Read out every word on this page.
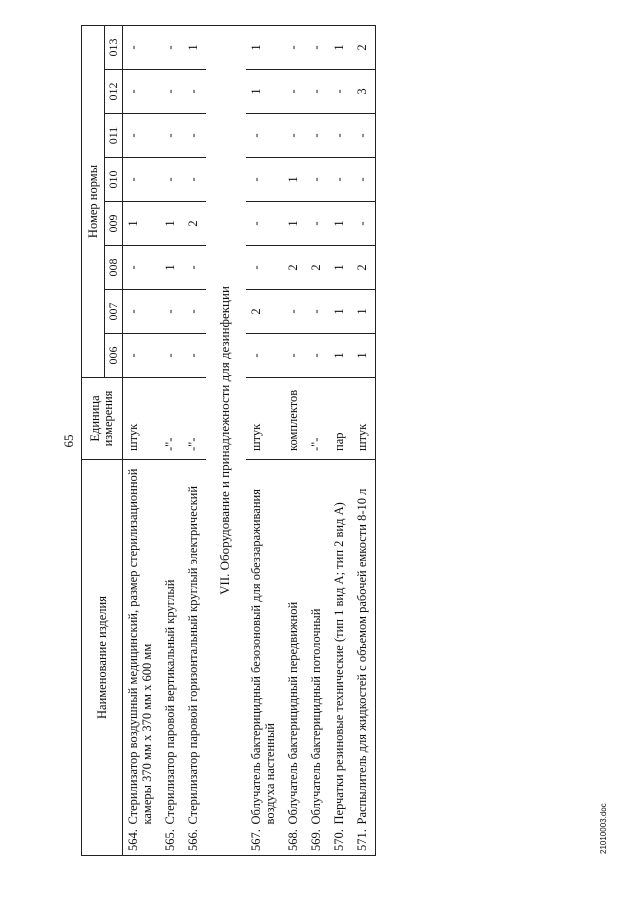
65
Наименование изделия		Единица измерения	Номер нормы							
			006	007	008	009	010	011	012	013
564.	Стерилизатор воздушный медицинский, размер стерилизационной камеры 370 мм х 370 мм х 600 мм	штук	-	-	-	1	-	-	-	-
565.	Стерилизатор паровой вертикальный круглый	-"-	-	-	1	1	-	-	-	-
566.	Стерилизатор паровой горизонтальный круглый электрический	-"-	-	-	-	2	-	-	-	1
VII. Оборудование и принадлежности для дезинфекции										
567.	Облучатель бактерицидный безозоновый для обеззараживания воздуха настенный	штук	-	2	-	-	-	-	1	1
568.	Облучатель бактерицидный передвижной	комплектов	-	-	2	1	1	-	-	-
569.	Облучатель бактерицидный потолочный	-"-	-	-	2	-	-	-	-	-
570.	Перчатки резиновые технические (тип 1 вид А; тип 2 вид А)	пар	1	1	1	1	-	-	-	1
571.	Распылитель для жидкостей с объемом рабочей емкости 8-10 л	штук	1	1	2	-	-	-	3	2
21010003.doc
